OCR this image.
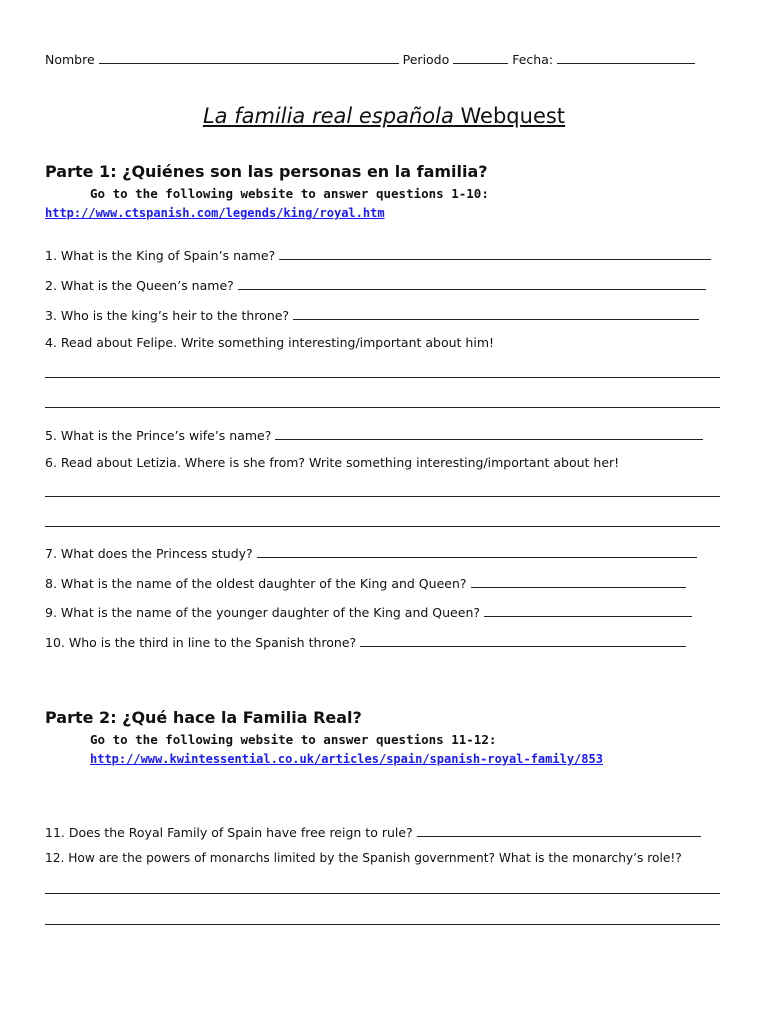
Nombre	Periodo	Fecha:
La familia real española Webquest
Parte 1: ¿Quiénes son las personas en la familia?
Go to the following website to answer questions 1-10:
http://www.ctspanish.com/legends/king/royal.htm
1. What is the King of Spain’s name?
2. What is the Queen’s name?
3. Who is the king’s heir to the throne?
4. Read about Felipe. Write something interesting/important about him!
5. What is the Prince’s wife’s name?
6. Read about Letizia. Where is she from? Write something interesting/important about her!
7. What does the Princess study?
8. What is the name of the oldest daughter of the King and Queen?
9. What is the name of the younger daughter of the King and Queen?
10. Who is the third in line to the Spanish throne?
Parte 2: ¿Qué hace la Familia Real?
Go to the following website to answer questions 11-12:
http://www.kwintessential.co.uk/articles/spain/spanish-royal-family/853
11. Does the Royal Family of Spain have free reign to rule?
12. How are the powers of monarchs limited by the Spanish government? What is the monarchy’s role!?
